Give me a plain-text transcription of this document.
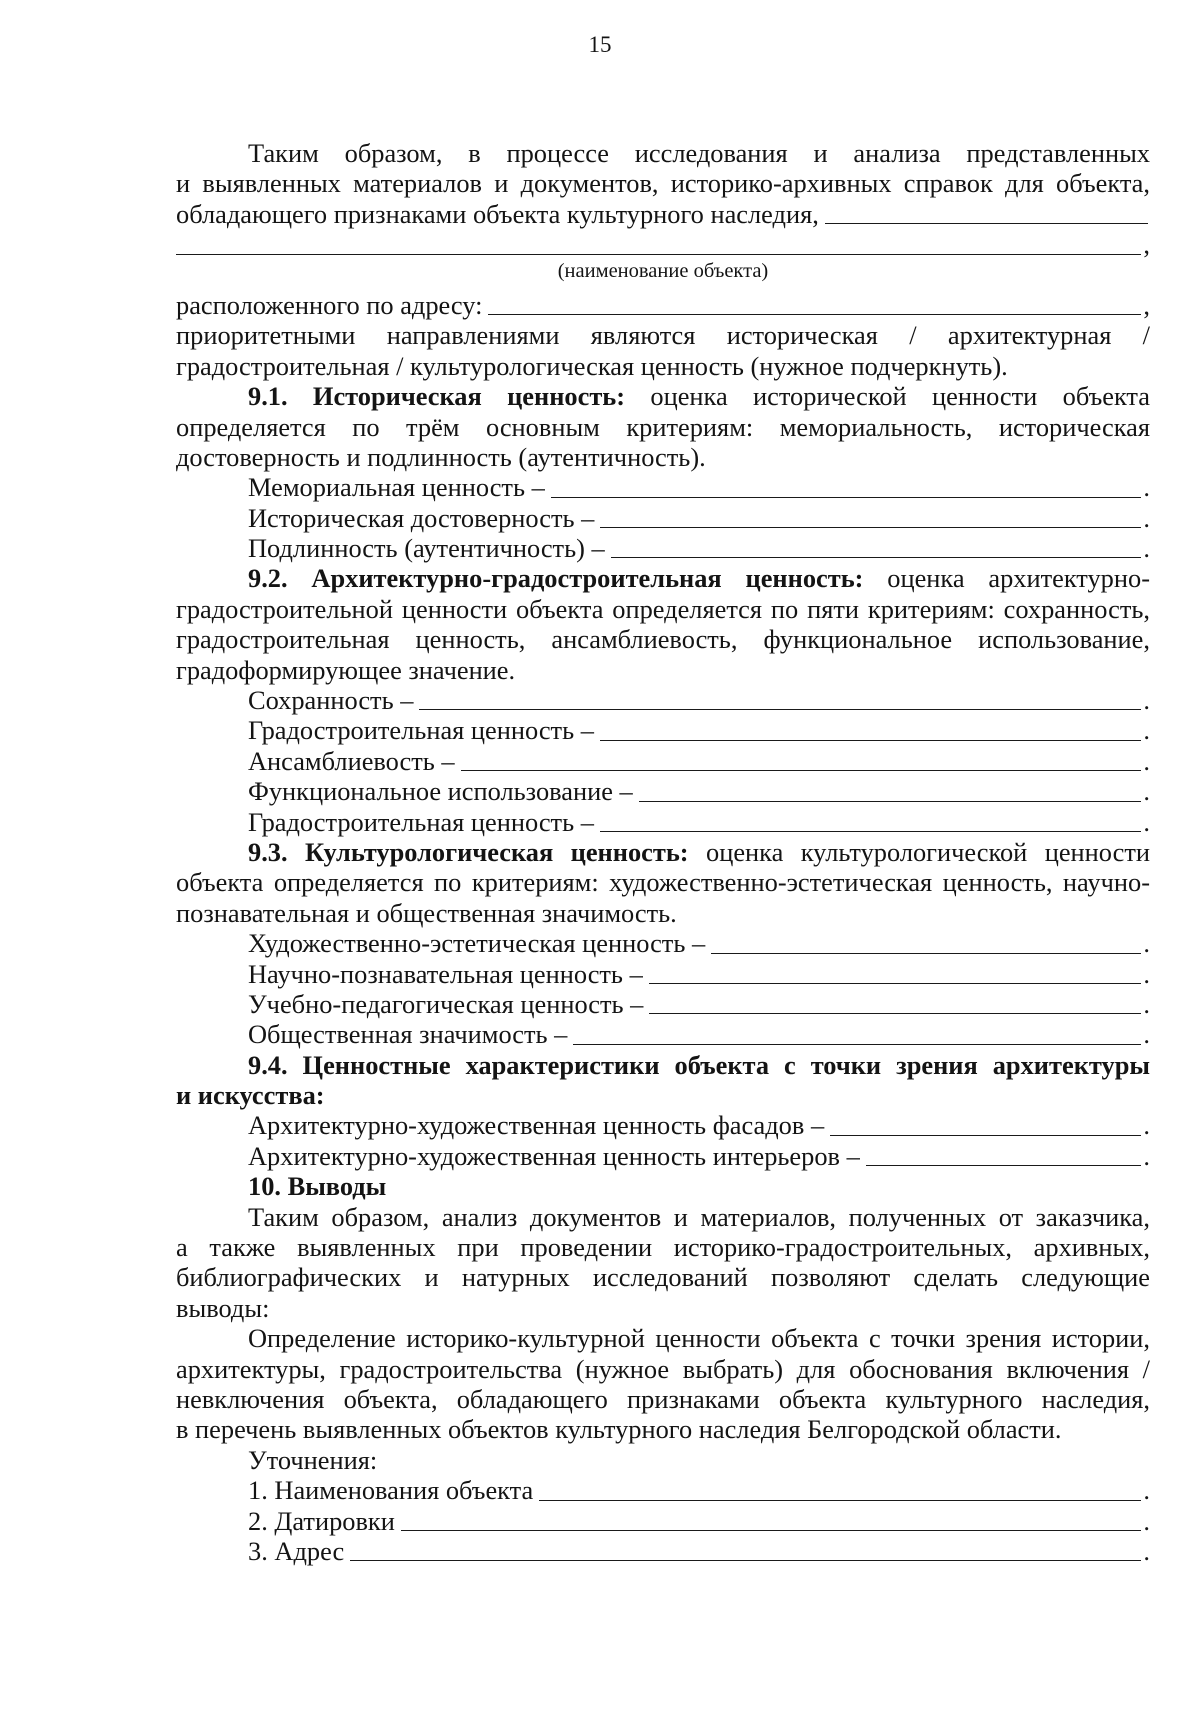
15
Таким образом, в процессе исследования и анализа представленных
и выявленных материалов и документов, историко-архивных справок для объекта,
обладающего признаками объекта культурного наследия,
,
(наименование объекта)
расположенного по адресу:	,
приоритетными направлениями являются историческая / архитектурная /
градостроительная / культурологическая ценность (нужное подчеркнуть).
9.1. Историческая ценность: оценка исторической ценности объекта
определяется по трём основным критериям: мемориальность, историческая
достоверность и подлинность (аутентичность).
Мемориальная ценность –	.
Историческая достоверность –	.
Подлинность (аутентичность) –	.
9.2. Архитектурно-градостроительная ценность: оценка архитектурно-
градостроительной ценности объекта определяется по пяти критериям: сохранность,
градостроительная ценность, ансамблиевость, функциональное использование,
градоформирующее значение.
Сохранность –	.
Градостроительная ценность –	.
Ансамблиевость –	.
Функциональное использование –	.
Градостроительная ценность –	.
9.3. Культурологическая ценность: оценка культурологической ценности
объекта определяется по критериям: художественно-эстетическая ценность, научно-
познавательная и общественная значимость.
Художественно-эстетическая ценность –	.
Научно-познавательная ценность –	.
Учебно-педагогическая ценность –	.
Общественная значимость –	.
9.4. Ценностные характеристики объекта с точки зрения архитектуры
и искусства:
Архитектурно-художественная ценность фасадов –	.
Архитектурно-художественная ценность интерьеров –	.
10. Выводы
Таким образом, анализ документов и материалов, полученных от заказчика,
а также выявленных при проведении историко-градостроительных, архивных,
библиографических и натурных исследований позволяют сделать следующие
выводы:
Определение историко-культурной ценности объекта с точки зрения истории,
архитектуры, градостроительства (нужное выбрать) для обоснования включения /
невключения объекта, обладающего признаками объекта культурного наследия,
в перечень выявленных объектов культурного наследия Белгородской области.
Уточнения:
1. Наименования объекта	.
2. Датировки	.
3. Адрес	.
